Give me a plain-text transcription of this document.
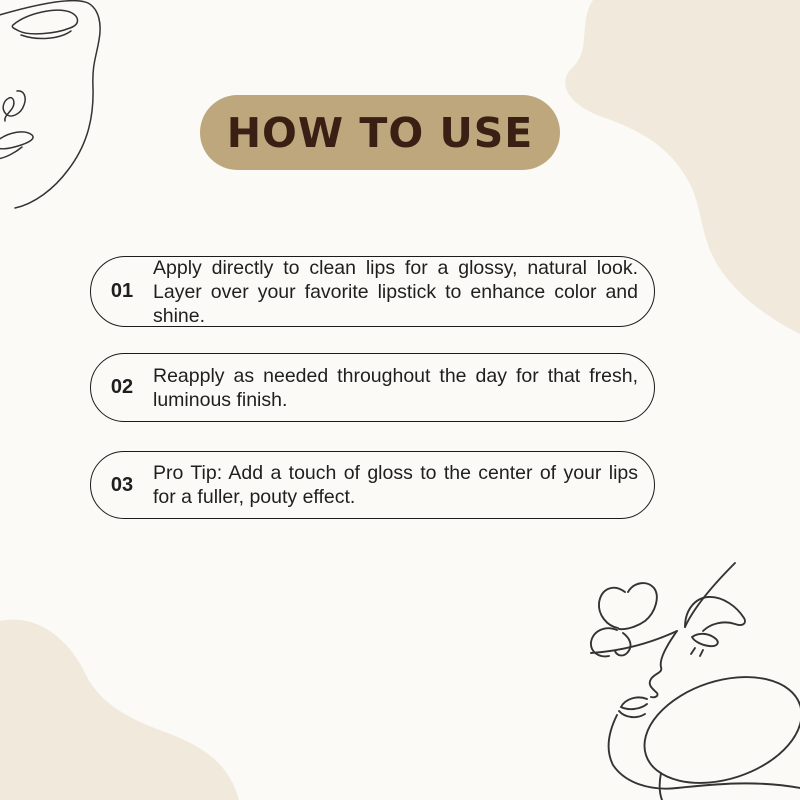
HOW TO USE
01
Apply directly to clean lips for a glossy, natural look. Layer over your favorite lipstick to enhance color and shine.
02
Reapply as needed throughout the day for that fresh, luminous finish.
03
Pro Tip: Add a touch of gloss to the center of your lips for a fuller, pouty effect.
